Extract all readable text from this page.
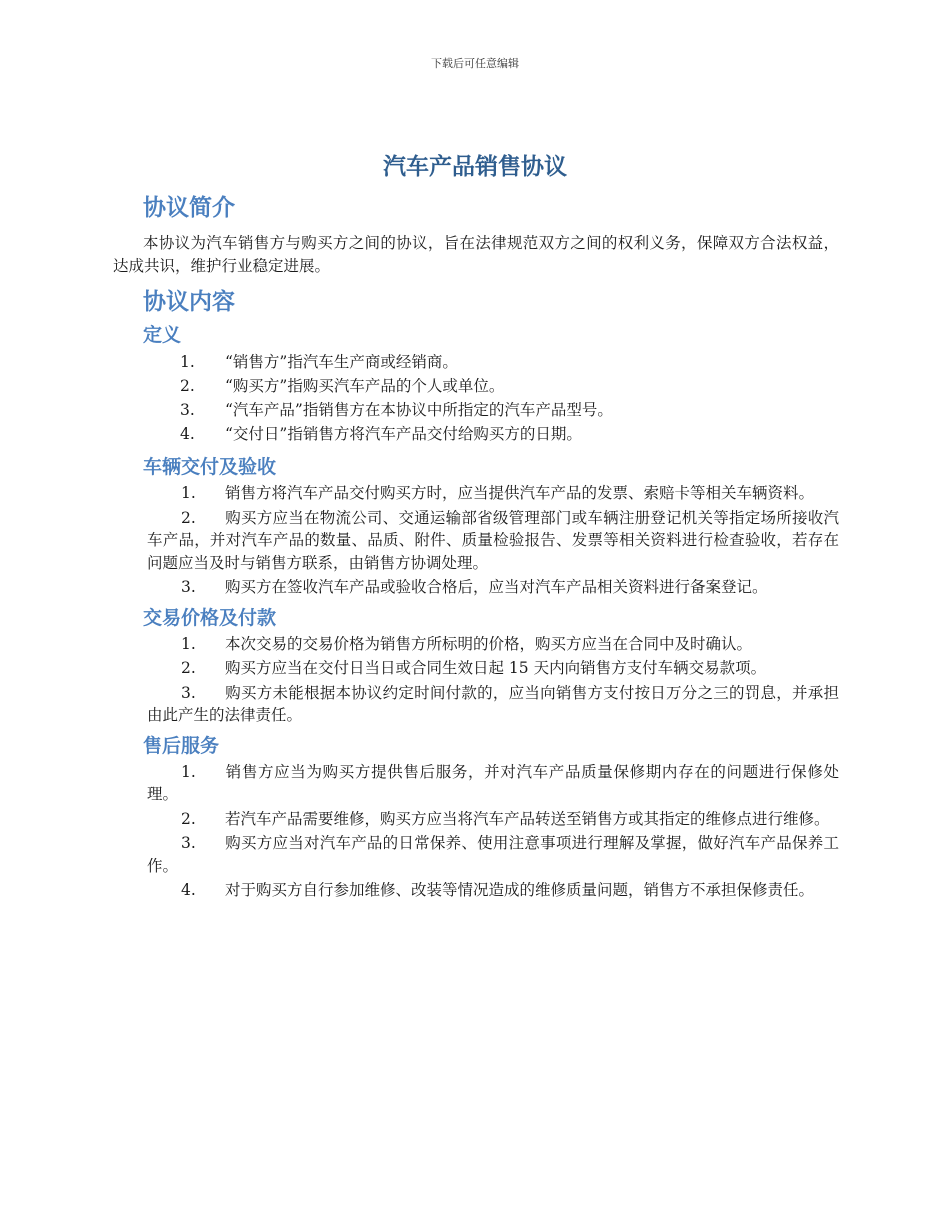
下载后可任意编辑
汽车产品销售协议
协议简介

本协议为汽车销售方与购买方之间的协议，旨在法律规范双方之间的权利义务，保障双方合法权益，达成共识，维护行业稳定进展。

协议内容
定义
1. “销售方”指汽车生产商或经销商。
2. “购买方”指购买汽车产品的个人或单位。
3. “汽车产品”指销售方在本协议中所指定的汽车产品型号。
4. “交付日”指销售方将汽车产品交付给购买方的日期。
车辆交付及验收
1. 销售方将汽车产品交付购买方时，应当提供汽车产品的发票、索赔卡等相关车辆资料。
2. 购买方应当在物流公司、交通运输部省级管理部门或车辆注册登记机关等指定场所接收汽车产品，并对汽车产品的数量、品质、附件、质量检验报告、发票等相关资料进行检查验收，若存在问题应当及时与销售方联系，由销售方协调处理。
3. 购买方在签收汽车产品或验收合格后，应当对汽车产品相关资料进行备案登记。
交易价格及付款
1. 本次交易的交易价格为销售方所标明的价格，购买方应当在合同中及时确认。
2. 购买方应当在交付日当日或合同生效日起 15 天内向销售方支付车辆交易款项。
3. 购买方未能根据本协议约定时间付款的，应当向销售方支付按日万分之三的罚息，并承担由此产生的法律责任。
售后服务
1. 销售方应当为购买方提供售后服务，并对汽车产品质量保修期内存在的问题进行保修处理。
2. 若汽车产品需要维修，购买方应当将汽车产品转送至销售方或其指定的维修点进行维修。
3. 购买方应当对汽车产品的日常保养、使用注意事项进行理解及掌握，做好汽车产品保养工作。
4. 对于购买方自行参加维修、改装等情况造成的维修质量问题，销售方不承担保修责任。
